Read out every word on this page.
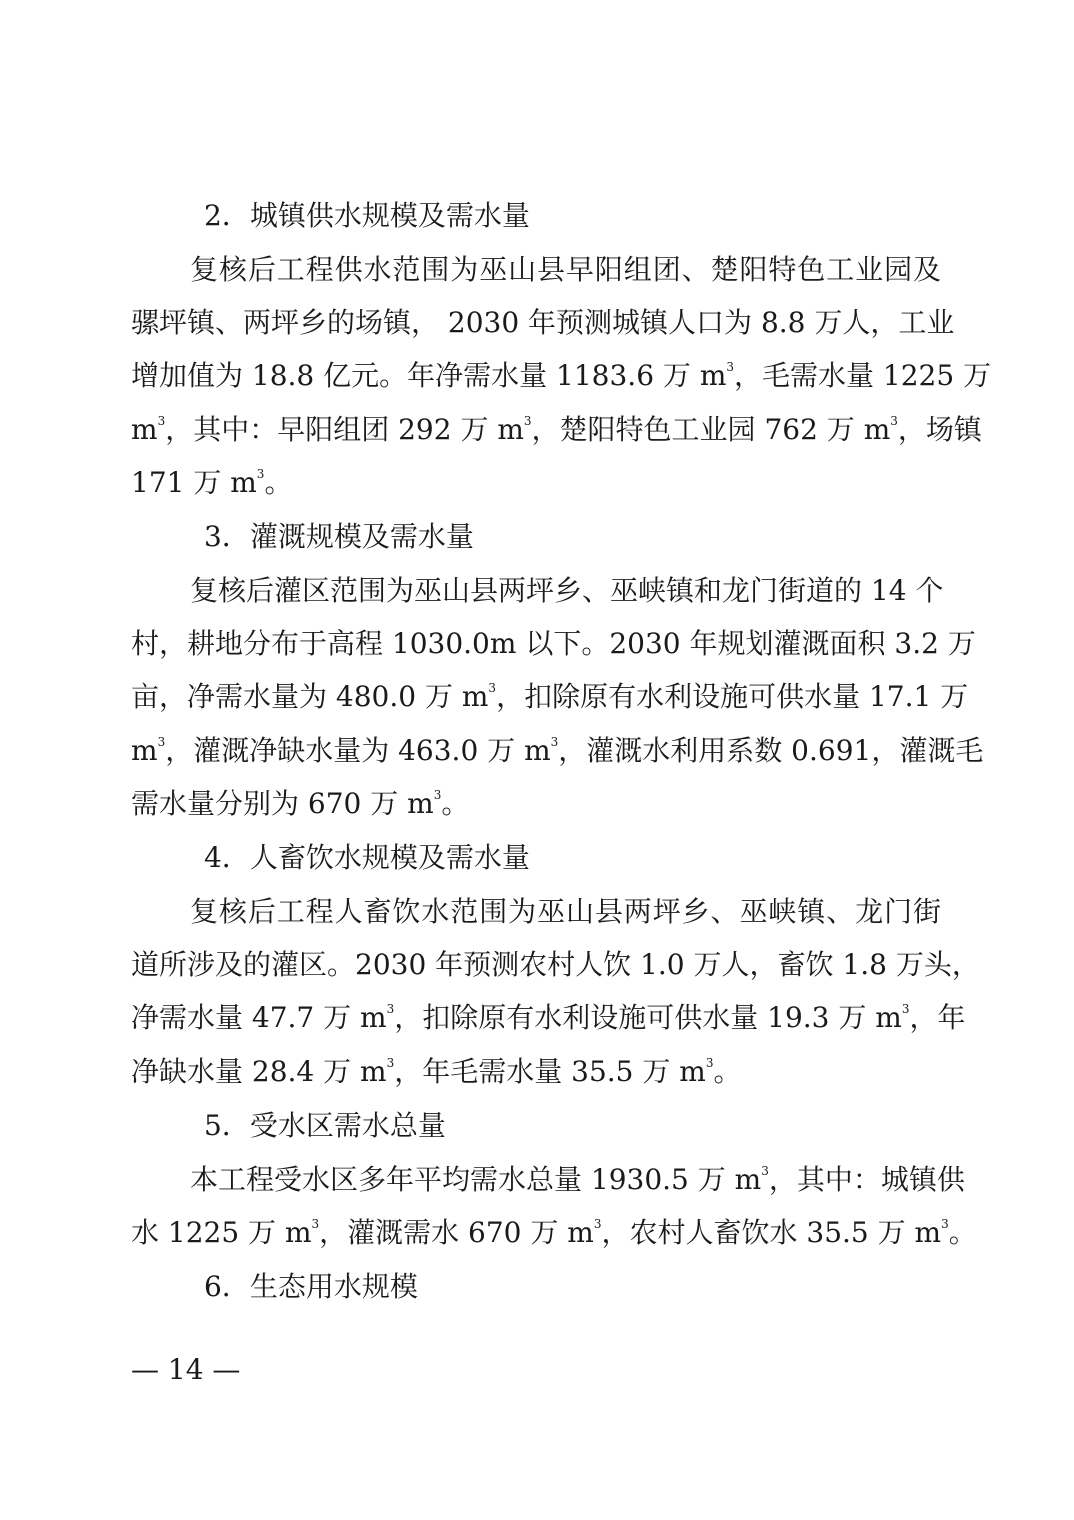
2．城镇供水规模及需水量
复核后工程供水范围为巫山县早阳组团、楚阳特色工业园及
骡坪镇、两坪乡的场镇， 2030 年预测城镇人口为 8.8 万人，工业
增加值为 18.8 亿元。年净需水量 1183.6 万 $m^3$，毛需水量 1225 万
$m^3$，其中：早阳组团 292 万 $m^3$，楚阳特色工业园 762 万 $m^3$，场镇
171 万 $m^3$。
3．灌溉规模及需水量
复核后灌区范围为巫山县两坪乡、巫峡镇和龙门街道的 14 个
村，耕地分布于高程 1030.0m 以下。2030 年规划灌溉面积 3.2 万
亩，净需水量为 480.0 万 $m^3$，扣除原有水利设施可供水量 17.1 万
$m^3$，灌溉净缺水量为 463.0 万 $m^3$，灌溉水利用系数 0.691，灌溉毛
需水量分别为 670 万 $m^3$。
4．人畜饮水规模及需水量
复核后工程人畜饮水范围为巫山县两坪乡、巫峡镇、龙门街
道所涉及的灌区。2030 年预测农村人饮 1.0 万人，畜饮 1.8 万头，
净需水量 47.7 万 $m^3$，扣除原有水利设施可供水量 19.3 万 $m^3$，年
净缺水量 28.4 万 $m^3$，年毛需水量 35.5 万 $m^3$。
5．受水区需水总量
本工程受水区多年平均需水总量 1930.5 万 $m^3$，其中：城镇供
水 1225 万 $m^3$，灌溉需水 670 万 $m^3$，农村人畜饮水 35.5 万 $m^3$。
6．生态用水规模
— 14 —
